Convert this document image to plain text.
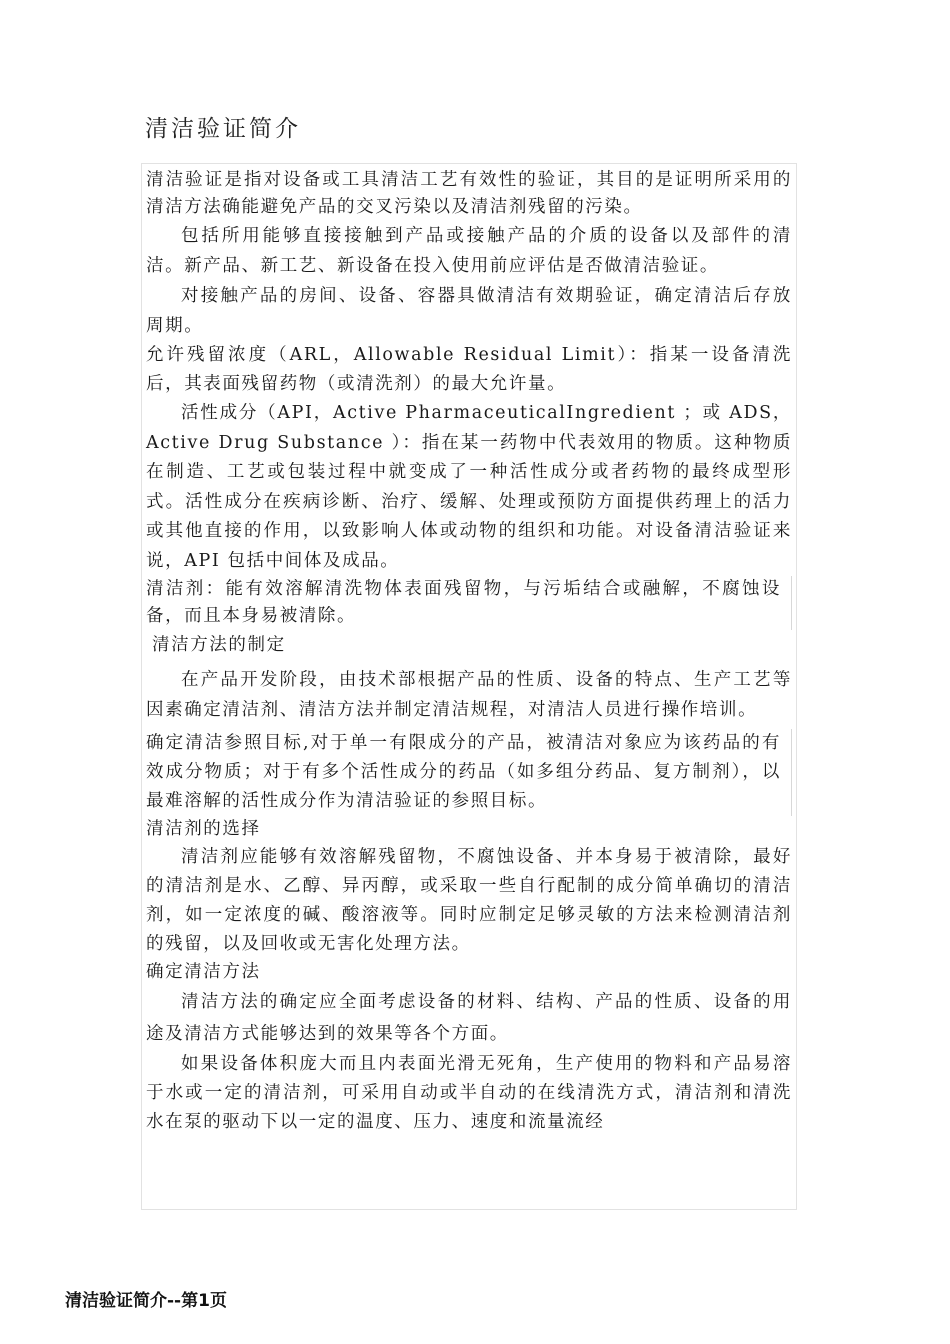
清洁验证简介

清洁验证是指对设备或工具清洁工艺有效性的验证，其目的是证明所采用的清洁方法确能避免产品的交叉污染以及清洁剂残留的污染。

包括所用能够直接接触到产品或接触产品的介质的设备以及部件的清洁。新产品、新工艺、新设备在投入使用前应评估是否做清洁验证。

对接触产品的房间、设备、容器具做清洁有效期验证，确定清洁后存放周期。

允许残留浓度（ARL，Allowable Residual Limit）：指某一设备清洗后，其表面残留药物（或清洗剂）的最大允许量。

活性成分（API，Active PharmaceuticalIngredient ；或 ADS，Active Drug Substance ）：指在某一药物中代表效用的物质。这种物质在制造、工艺或包装过程中就变成了一种活性成分或者药物的最终成型形式。活性成分在疾病诊断、治疗、缓解、处理或预防方面提供药理上的活力或其他直接的作用，以致影响人体或动物的组织和功能。对设备清洁验证来说，API 包括中间体及成品。

清洁剂：能有效溶解清洗物体表面残留物，与污垢结合或融解，不腐蚀设备，而且本身易被清除。

清洁方法的制定

在产品开发阶段，由技术部根据产品的性质、设备的特点、生产工艺等因素确定清洁剂、清洁方法并制定清洁规程，对清洁人员进行操作培训。

确定清洁参照目标,对于单一有限成分的产品，被清洁对象应为该药品的有效成分物质；对于有多个活性成分的药品（如多组分药品、复方制剂），以最难溶解的活性成分作为清洁验证的参照目标。

清洁剂的选择

清洁剂应能够有效溶解残留物，不腐蚀设备、并本身易于被清除，最好的清洁剂是水、乙醇、异丙醇，或采取一些自行配制的成分简单确切的清洁剂，如一定浓度的碱、酸溶液等。同时应制定足够灵敏的方法来检测清洁剂的残留，以及回收或无害化处理方法。

确定清洁方法

清洁方法的确定应全面考虑设备的材料、结构、产品的性质、设备的用途及清洁方式能够达到的效果等各个方面。

如果设备体积庞大而且内表面光滑无死角，生产使用的物料和产品易溶于水或一定的清洁剂，可采用自动或半自动的在线清洗方式，清洁剂和清洗水在泵的驱动下以一定的温度、压力、速度和流量流经

清洁验证简介--第1页
